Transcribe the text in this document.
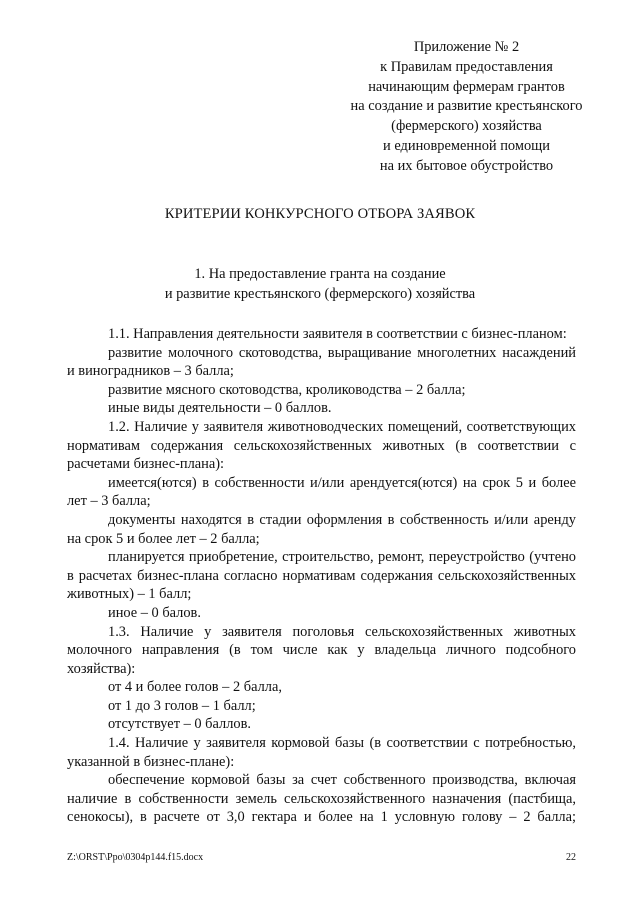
Приложение № 2
к Правилам предоставления
начинающим фермерам грантов
на создание и развитие крестьянского
(фермерского) хозяйства
и единовременной помощи
на их бытовое обустройство
КРИТЕРИИ КОНКУРСНОГО ОТБОРА ЗАЯВОК
1. На предоставление гранта на создание
и развитие крестьянского (фермерского) хозяйства

1.1. Направления деятельности заявителя в соответствии с бизнес-планом:

развитие молочного скотоводства, выращивание многолетних насаждений

и виноградников – 3 балла;

развитие мясного скотоводства, кролиководства – 2 балла;

иные виды деятельности – 0 баллов.

1.2. Наличие у заявителя животноводческих помещений, соответствующих

нормативам содержания сельскохозяйственных животных (в соответствии с

расчетами бизнес-плана):

имеется(ются) в собственности и/или арендуется(ются) на срок 5 и более

лет – 3 балла;

документы находятся в стадии оформления в собственность и/или аренду

на срок 5 и более лет – 2 балла;

планируется приобретение, строительство, ремонт, переустройство (учтено

в расчетах бизнес-плана согласно нормативам содержания сельскохозяйственных

животных) – 1 балл;

иное – 0 балов.

1.3. Наличие у заявителя поголовья сельскохозяйственных животных

молочного направления (в том числе как у владельца личного подсобного

хозяйства):

от 4 и более голов – 2 балла,

от 1 до 3 голов – 1 балл;

отсутствует – 0 баллов.

1.4. Наличие у заявителя кормовой базы (в соответствии с потребностью,

указанной в бизнес-плане):

обеспечение кормовой базы за счет собственного производства, включая

наличие в собственности земель сельскохозяйственного назначения (пастбища,

сенокосы), в расчете от 3,0 гектара и более на 1 условную голову – 2 балла;

Z:\ORST\Ppo\0304p144.f15.docx	22
